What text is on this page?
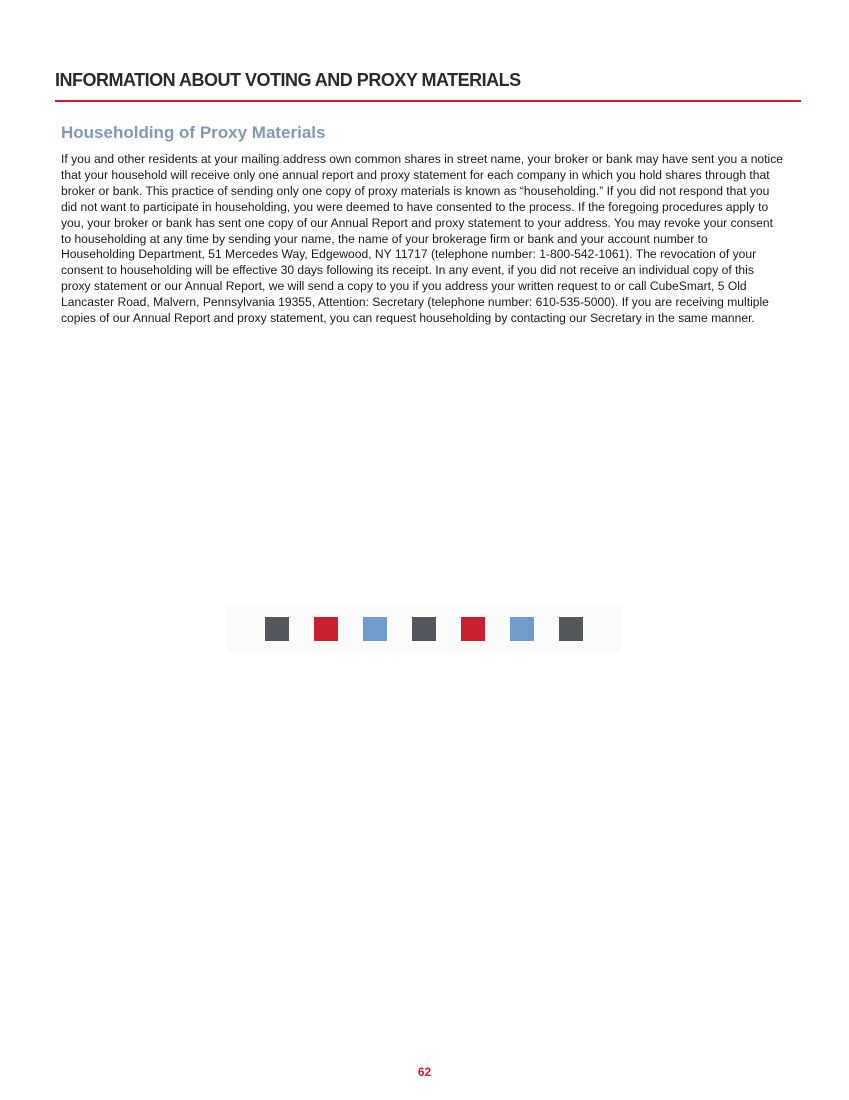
INFORMATION ABOUT VOTING AND PROXY MATERIALS
Householding of Proxy Materials

If you and other residents at your mailing address own common shares in street name, your broker or bank may have sent you a notice that your household will receive only one annual report and proxy statement for each company in which you hold shares through that broker or bank. This practice of sending only one copy of proxy materials is known as “householding.” If you did not respond that you did not want to participate in householding, you were deemed to have consented to the process. If the foregoing procedures apply to you, your broker or bank has sent one copy of our Annual Report and proxy statement to your address. You may revoke your consent to householding at any time by sending your name, the name of your brokerage firm or bank and your account number to Householding Department, 51 Mercedes Way, Edgewood, NY 11717 (telephone number: 1-800-542-1061). The revocation of your consent to householding will be effective 30 days following its receipt. In any event, if you did not receive an individual copy of this proxy statement or our Annual Report, we will send a copy to you if you address your written request to or call CubeSmart, 5 Old Lancaster Road, Malvern, Pennsylvania 19355, Attention: Secretary (telephone number: 610-535-5000). If you are receiving multiple copies of our Annual Report and proxy statement, you can request householding by contacting our Secretary in the same manner.

62
